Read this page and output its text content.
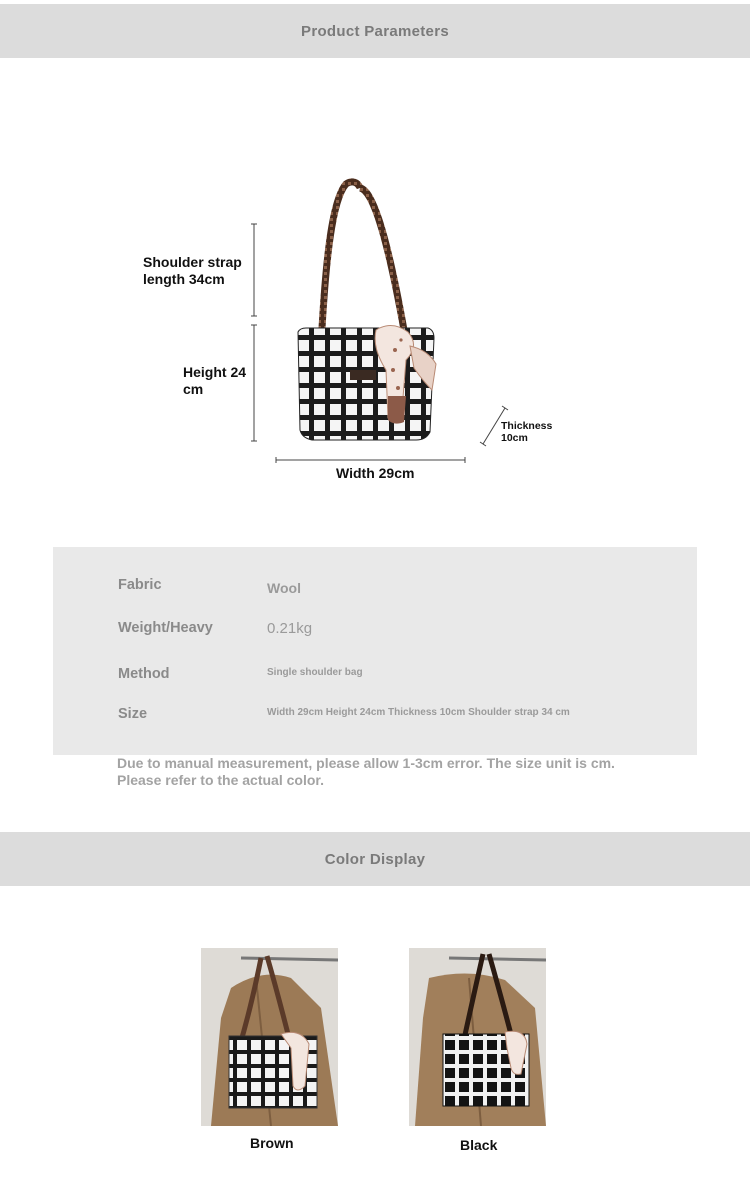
Product Parameters
Shoulder strap
length 34cm
Height 24
cm
Width 29cm
Thickness
10cm
Fabric	Wool
Weight/Heavy	0.21kg
Method	Single shoulder bag
Size	Width 29cm Height 24cm Thickness 10cm Shoulder strap 34 cm
Due to manual measurement, please allow 1-3cm error. The size unit is cm. Please refer to the actual color.
Color Display
Brown	Black
